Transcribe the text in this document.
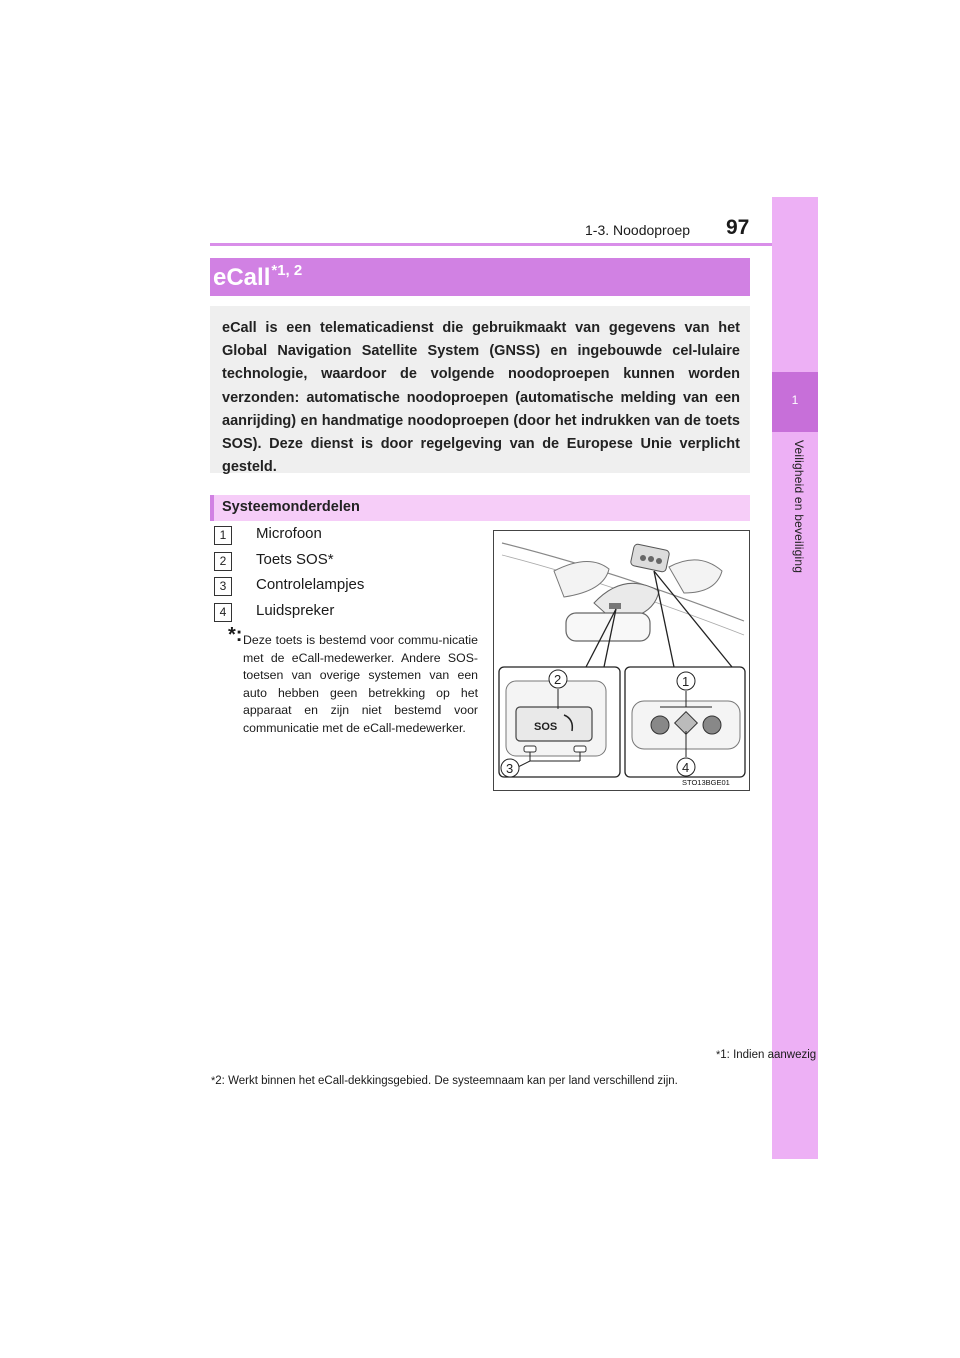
1-3. Noodoproep 97
1
Veiligheid en beveiliging
eCall$^{*1, 2}$
eCall is een telematicadienst die gebruikmaakt van gegevens van het Global Navigation Satellite System (GNSS) en ingebouwde cel-lulaire technologie, waardoor de volgende noodoproepen kunnen worden verzonden: automatische noodoproepen (automatische melding van een aanrijding) en handmatige noodoproepen (door het indrukken van de toets SOS). Deze dienst is door regelgeving van de Europese Unie verplicht gesteld.
Systeemonderdelen
1	Microfoon
2	Toets SOS*
3	Controlelampjes
4	Luidspreker
Deze toets is bestemd voor commu-nicatie met de eCall-medewerker. Andere SOS-toetsen van overige systemen van een auto hebben geen betrekking op het apparaat en zijn niet bestemd voor communicatie met de eCall-medewerker.
*:
SOS
2	1
3	4
STO13BGE01
*1: Indien aanwezig
*2: Werkt binnen het eCall-dekkingsgebied. De systeemnaam kan per land verschillend zijn.
